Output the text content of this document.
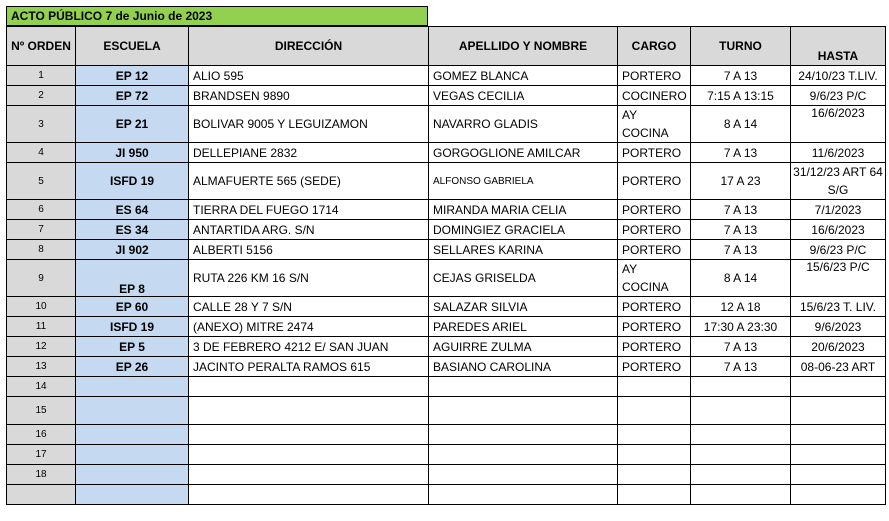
ACTO PÚBLICO 7 de Junio de 2023
Nº ORDEN	ESCUELA	DIRECCIÓN	APELLIDO Y NOMBRE	CARGO	TURNO	HASTA
1	EP 12	ALIO 595	GOMEZ BLANCA	PORTERO	7 A 13	24/10/23 T.LIV.
2	EP 72	BRANDSEN 9890	VEGAS CECILIA	COCINERO	7:15 A 13:15	9/6/23 P/C
3	EP 21	BOLIVAR 9005 Y LEGUIZAMON	NAVARRO GLADIS	AY COCINA	8 A 14	16/6/2023
4	JI 950	DELLEPIANE 2832	GORGOGLIONE AMILCAR	PORTERO	7 A 13	11/6/2023
5	ISFD 19	ALMAFUERTE 565 (SEDE)	ALFONSO GABRIELA	PORTERO	17 A 23	31/12/23 ART 64 S/G
6	ES 64	TIERRA DEL FUEGO 1714	MIRANDA MARIA CELIA	PORTERO	7 A 13	7/1/2023
7	ES 34	ANTARTIDA ARG. S/N	DOMINGIEZ GRACIELA	PORTERO	7 A 13	16/6/2023
8	JI 902	ALBERTI 5156	SELLARES KARINA	PORTERO	7 A 13	9/6/23 P/C
9	EP 8	RUTA 226 KM 16 S/N	CEJAS GRISELDA	AY COCINA	8 A 14	15/6/23 P/C
10	EP 60	CALLE 28 Y 7 S/N	SALAZAR SILVIA	PORTERO	12 A 18	15/6/23 T. LIV.
11	ISFD 19	(ANEXO) MITRE 2474	PAREDES ARIEL	PORTERO	17:30 A 23:30	9/6/2023
12	EP 5	3 DE FEBRERO 4212 E/ SAN JUAN	AGUIRRE ZULMA	PORTERO	7 A 13	20/6/2023
13	EP 26	JACINTO PERALTA RAMOS 615	BASIANO CAROLINA	PORTERO	7 A 13	08-06-23 ART
14						
15						
16						
17						
18						
